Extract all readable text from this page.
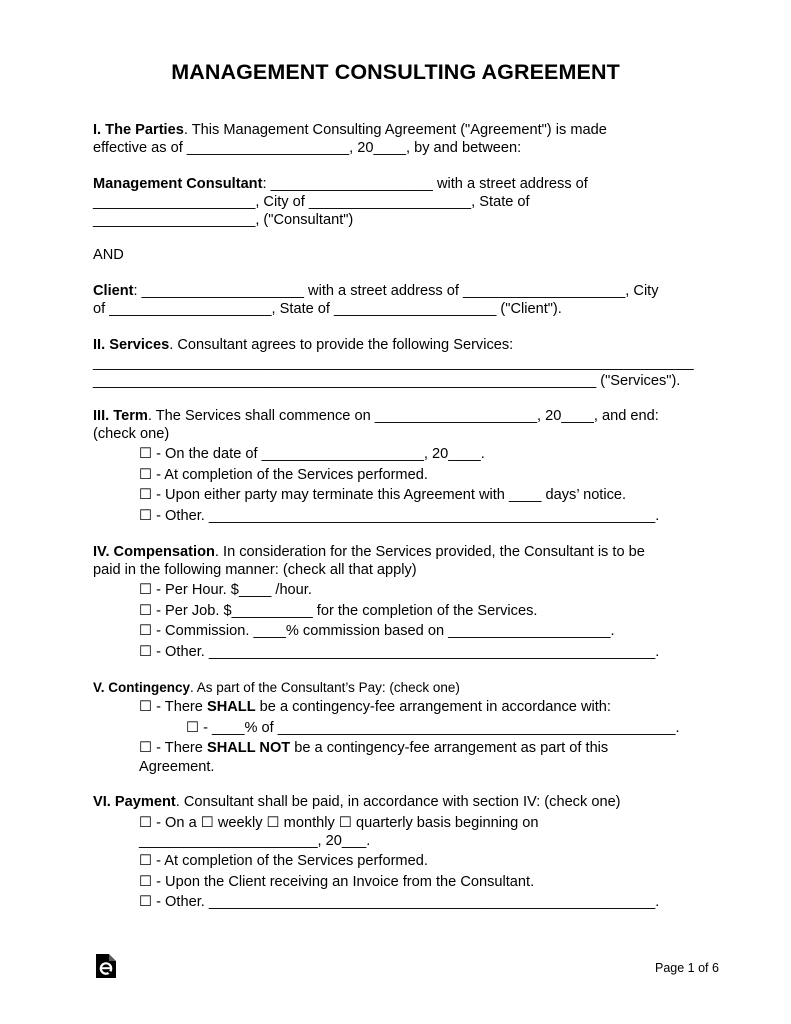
MANAGEMENT CONSULTING AGREEMENT
I. The Parties. This Management Consulting Agreement ("Agreement") is made
effective as of ____________________, 20____, by and between:
Management Consultant: ____________________ with a street address of
____________________, City of ____________________, State of
____________________, ("Consultant")
AND
Client: ____________________ with a street address of ____________________, City
of ____________________, State of ____________________ ("Client").
II. Services. Consultant agrees to provide the following Services:
__________________________________________________________________________
______________________________________________________________ ("Services").
III. Term. The Services shall commence on ____________________, 20____, and end:
(check one)
☐ - On the date of ____________________, 20____.
☐ - At completion of the Services performed.
☐ - Upon either party may terminate this Agreement with ____ days’ notice.
☐ - Other. _______________________________________________________.
IV. Compensation. In consideration for the Services provided, the Consultant is to be
paid in the following manner: (check all that apply)
☐ - Per Hour. $____ /hour.
☐ - Per Job. $__________ for the completion of the Services.
☐ - Commission. ____% commission based on ____________________.
☐ - Other. _______________________________________________________.
V. Contingency. As part of the Consultant’s Pay: (check one)
☐ - There SHALL be a contingency-fee arrangement in accordance with:
☐ - ____% of _________________________________________________.
☐ - There SHALL NOT be a contingency-fee arrangement as part of this
Agreement.
VI. Payment. Consultant shall be paid, in accordance with section IV: (check one)
☐ - On a ☐ weekly ☐ monthly ☐ quarterly basis beginning on
______________________, 20___.
☐ - At completion of the Services performed.
☐ - Upon the Client receiving an Invoice from the Consultant.
☐ - Other. _______________________________________________________.
Page 1 of 6
